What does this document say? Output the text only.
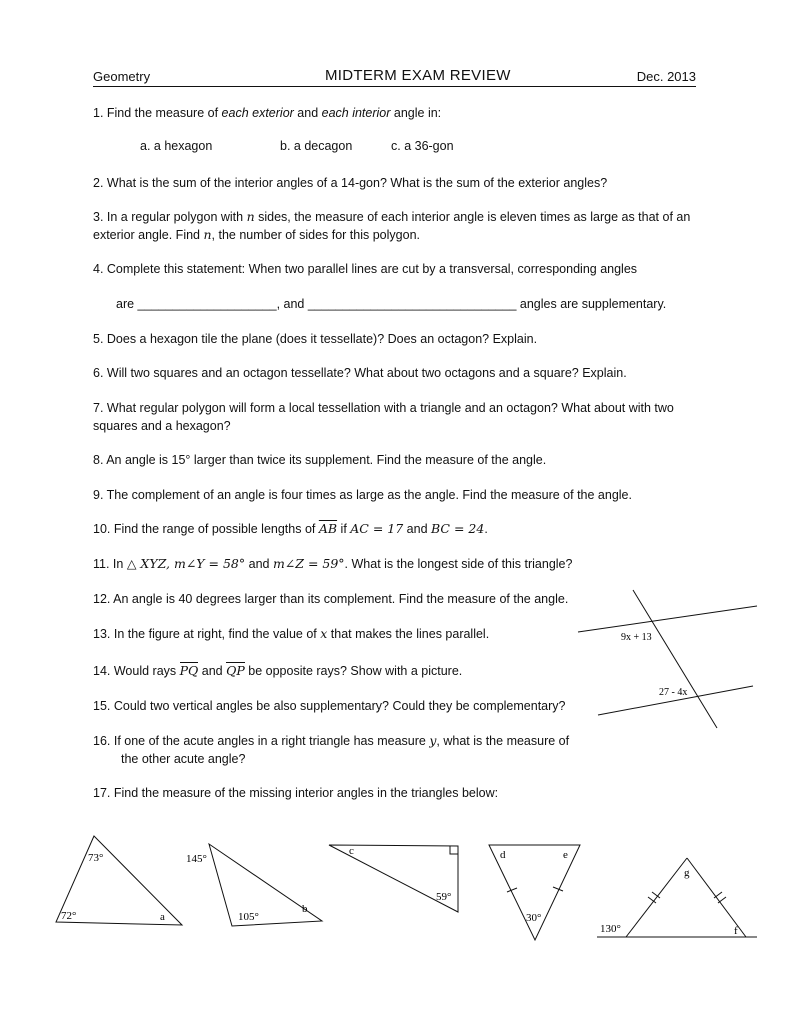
Geometry	MIDTERM EXAM REVIEW	Dec. 2013
1. Find the measure of each exterior and each interior angle in:
a. a hexagon	b. a decagon	c. a 36-gon
2. What is the sum of the interior angles of a 14-gon? What is the sum of the exterior angles?
3. In a regular polygon with n sides, the measure of each interior angle is eleven times as large as that of an
exterior angle. Find n, the number of sides for this polygon.
4. Complete this statement: When two parallel lines are cut by a transversal, corresponding angles
are ____________________, and ______________________________ angles are supplementary.
5. Does a hexagon tile the plane (does it tessellate)? Does an octagon? Explain.
6. Will two squares and an octagon tessellate? What about two octagons and a square? Explain.
7. What regular polygon will form a local tessellation with a triangle and an octagon? What about with two
squares and a hexagon?
8. An angle is 15° larger than twice its supplement. Find the measure of the angle.
9. The complement of an angle is four times as large as the angle. Find the measure of the angle.
10. Find the range of possible lengths of $\overline{AB}$ if AC = 17 and BC = 24.
11. In △ XYZ, m∠Y = 58° and m∠Z = 59°. What is the longest side of this triangle?
12. An angle is 40 degrees larger than its complement. Find the measure of the angle.
13. In the figure at right, find the value of x that makes the lines parallel.
14. Would rays PQ and QP be opposite rays? Show with a picture.
15. Could two vertical angles be also supplementary? Could they be complementary?
16. If one of the acute angles in a right triangle has measure y, what is the measure of
the other acute angle?
17. Find the measure of the missing interior angles in the triangles below:
9x + 13
27 - 4x
73°
72°	a
145°
105°
b
c
59°
d	e
30°
g
130°	f
